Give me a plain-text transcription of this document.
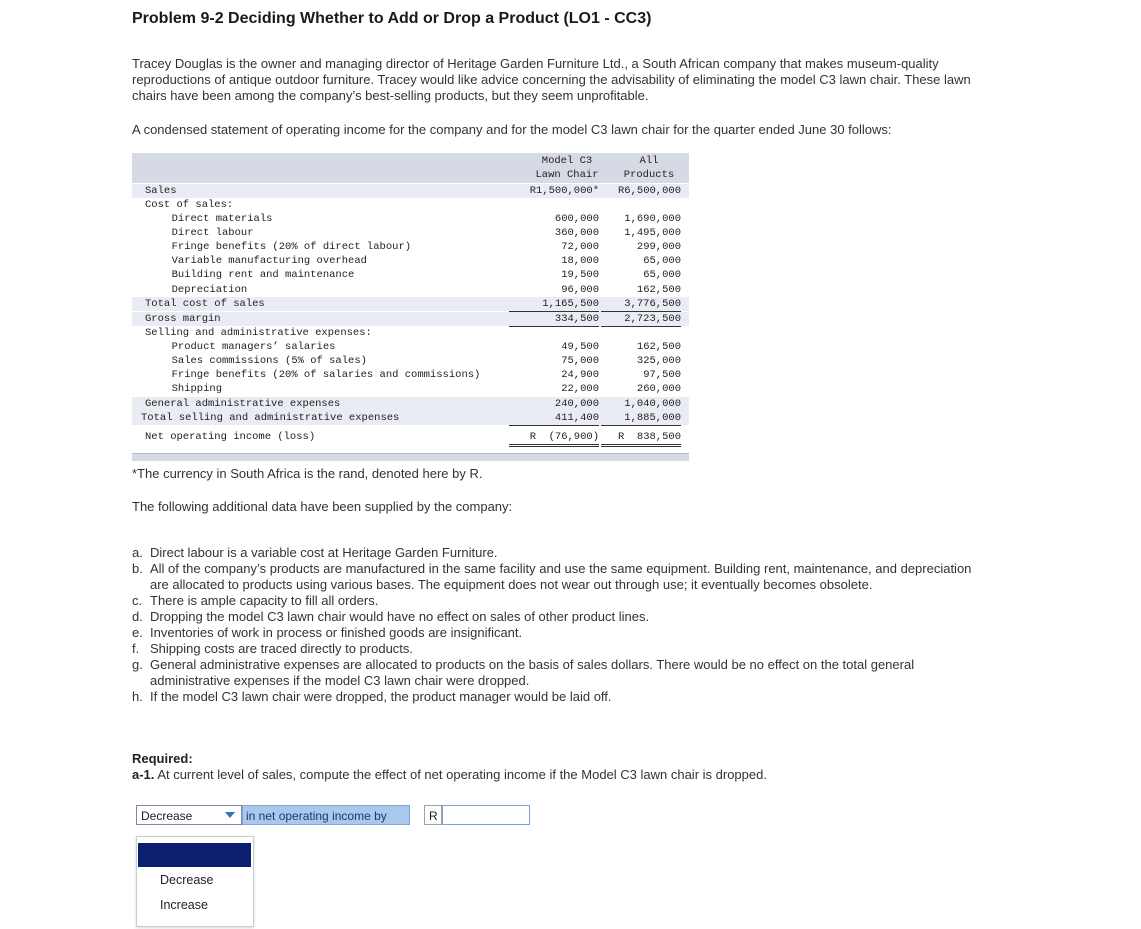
Problem 9-2 Deciding Whether to Add or Drop a Product (LO1 - CC3)

Tracey Douglas is the owner and managing director of Heritage Garden Furniture Ltd., a South African company that makes museum-quality reproductions of antique outdoor furniture. Tracey would like advice concerning the advisability of eliminating the model C3 lawn chair. These lawn chairs have been among the company’s best-selling products, but they seem unprofitable.

A condensed statement of operating income for the company and for the model C3 lawn chair for the quarter ended June 30 follows:

Model C3
Lawn Chair
All
Products
Sales	R1,500,000*	R6,500,000
Cost of sales:
Direct materials	600,000	1,690,000
Direct labour	360,000	1,495,000
Fringe benefits (20% of direct labour)	72,000	299,000
Variable manufacturing overhead	18,000	65,000
Building rent and maintenance	19,500	65,000
Depreciation	96,000	162,500
Total cost of sales	1,165,500	3,776,500
Gross margin	334,500	2,723,500
Selling and administrative expenses:
Product managers’ salaries	49,500	162,500
Sales commissions (5% of sales)	75,000	325,000
Fringe benefits (20% of salaries and commissions)	24,900	97,500
Shipping	22,000	260,000
General administrative expenses	240,000	1,040,000
Total selling and administrative expenses	411,400	1,885,000
Net operating income (loss)	R  (76,900)	R  838,500
*The currency in South Africa is the rand, denoted here by R.
The following additional data have been supplied by the company:
a. Direct labour is a variable cost at Heritage Garden Furniture.
b. All of the company’s products are manufactured in the same facility and use the same equipment. Building rent, maintenance, and depreciation are allocated to products using various bases. The equipment does not wear out through use; it eventually becomes obsolete.
c. There is ample capacity to fill all orders.
d. Dropping the model C3 lawn chair would have no effect on sales of other product lines.
e. Inventories of work in process or finished goods are insignificant.
f. Shipping costs are traced directly to products.
g. General administrative expenses are allocated to products on the basis of sales dollars. There would be no effect on the total general administrative expenses if the model C3 lawn chair were dropped.
h. If the model C3 lawn chair were dropped, the product manager would be laid off.
Required:
a-1. At current level of sales, compute the effect of net operating income if the Model C3 lawn chair is dropped.
Decrease	in net operating income by	R
Decrease
Increase
